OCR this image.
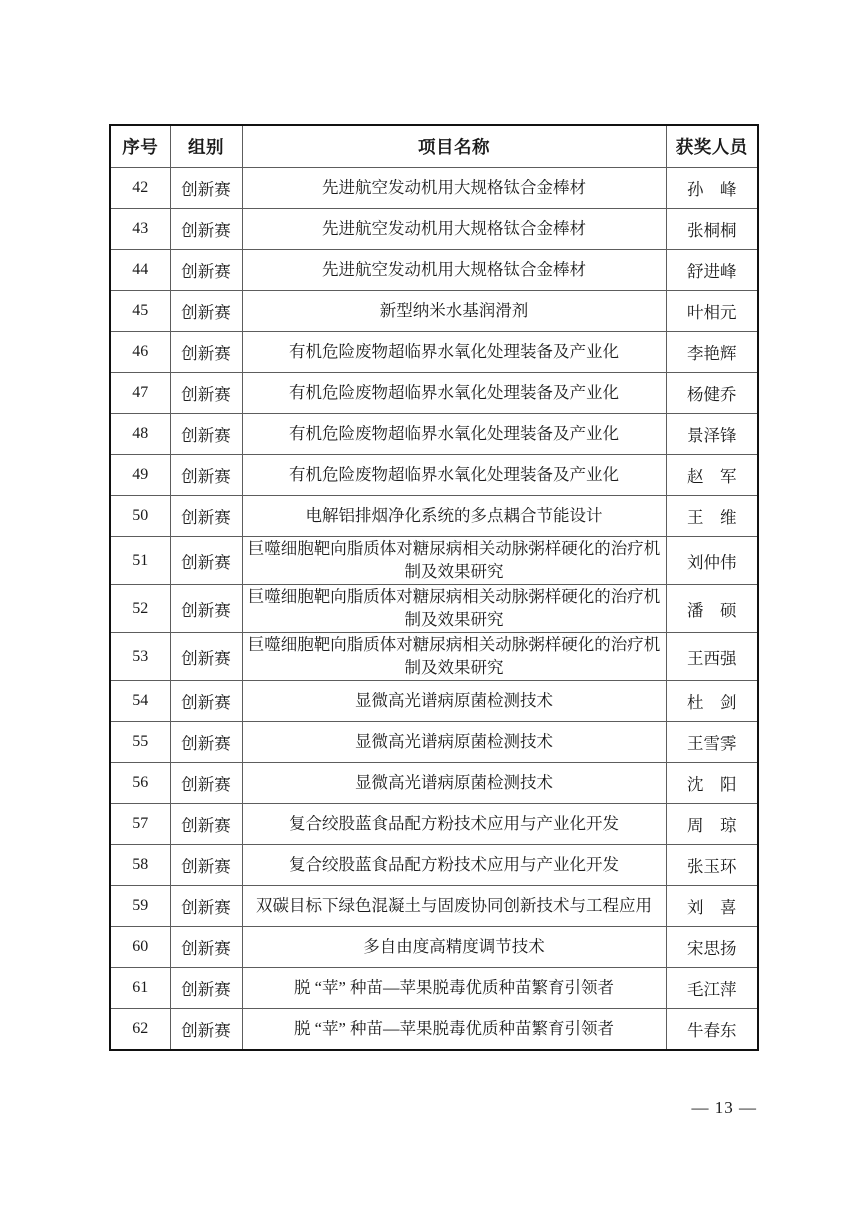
序号	组别	项目名称	获奖人员
42	创新赛	先进航空发动机用大规格钛合金棒材	孙　峰
43	创新赛	先进航空发动机用大规格钛合金棒材	张桐桐
44	创新赛	先进航空发动机用大规格钛合金棒材	舒进峰
45	创新赛	新型纳米水基润滑剂	叶相元
46	创新赛	有机危险废物超临界水氧化处理装备及产业化	李艳辉
47	创新赛	有机危险废物超临界水氧化处理装备及产业化	杨健乔
48	创新赛	有机危险废物超临界水氧化处理装备及产业化	景泽锋
49	创新赛	有机危险废物超临界水氧化处理装备及产业化	赵　军
50	创新赛	电解铝排烟净化系统的多点耦合节能设计	王　维
51	创新赛	巨噬细胞靶向脂质体对糖尿病相关动脉粥样硬化的治疗机制及效果研究	刘仲伟
52	创新赛	巨噬细胞靶向脂质体对糖尿病相关动脉粥样硬化的治疗机制及效果研究	潘　硕
53	创新赛	巨噬细胞靶向脂质体对糖尿病相关动脉粥样硬化的治疗机制及效果研究	王西强
54	创新赛	显微高光谱病原菌检测技术	杜　剑
55	创新赛	显微高光谱病原菌检测技术	王雪霁
56	创新赛	显微高光谱病原菌检测技术	沈　阳
57	创新赛	复合绞股蓝食品配方粉技术应用与产业化开发	周　琼
58	创新赛	复合绞股蓝食品配方粉技术应用与产业化开发	张玉环
59	创新赛	双碳目标下绿色混凝土与固废协同创新技术与工程应用	刘　喜
60	创新赛	多自由度高精度调节技术	宋思扬
61	创新赛	脱 “苹” 种苗—苹果脱毒优质种苗繁育引领者	毛江萍
62	创新赛	脱 “苹” 种苗—苹果脱毒优质种苗繁育引领者	牛春东
— 13 —
